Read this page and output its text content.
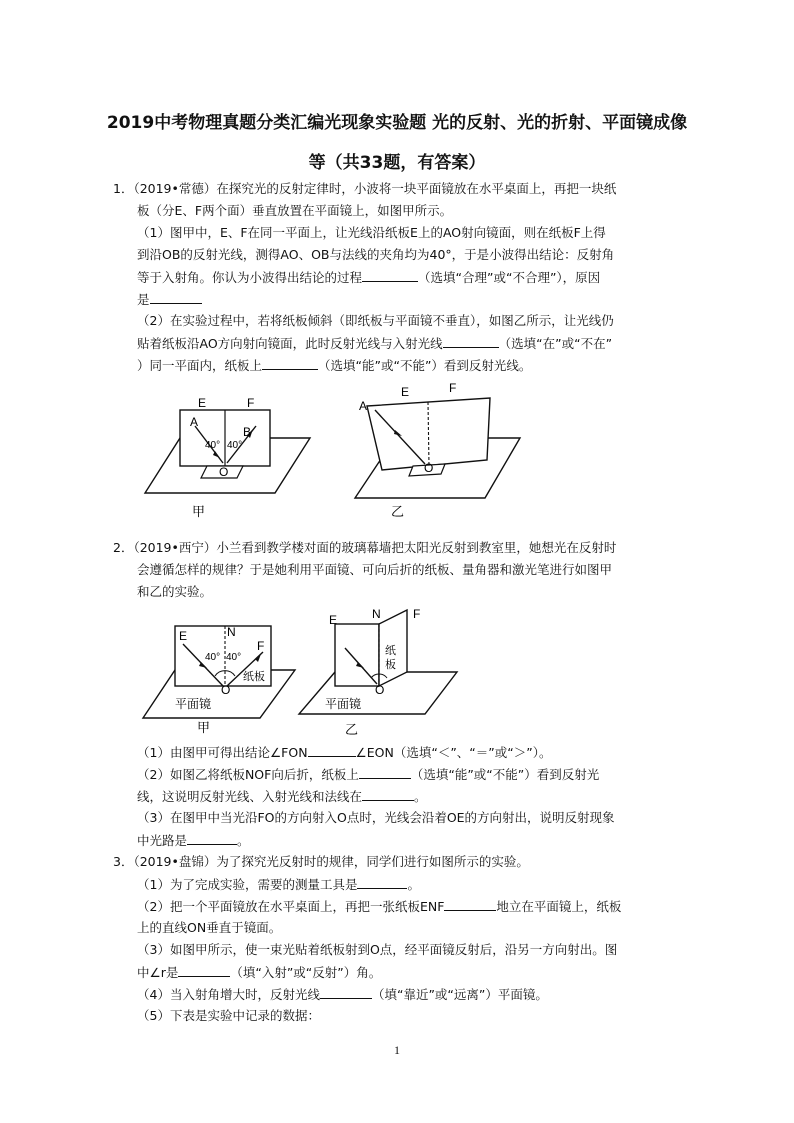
2019中考物理真题分类汇编光现象实验题 光的反射、光的折射、平面镜成像
等（共33题，有答案）
1．（2019•常德）在探究光的反射定律时，小波将一块平面镜放在水平桌面上，再把一块纸
板（分E、F两个面）垂直放置在平面镜上，如图甲所示。
（1）图甲中，E、F在同一平面上，让光线沿纸板E上的AO射向镜面，则在纸板F上得
到沿OB的反射光线，测得AO、OB与法线的夹角均为40°，于是小波得出结论：反射角
等于入射角。你认为小波得出结论的过程	（选填“合理”或“不合理”），原因
是
（2）在实验过程中，若将纸板倾斜（即纸板与平面镜不垂直），如图乙所示，让光线仍
贴着纸板沿AO方向射向镜面，此时反射光线与入射光线	（选填“在”或“不在”
）同一平面内，纸板上	（选填“能”或“不能”）看到反射光线。
E	F
A
B
40° 40°
O
甲
A
E	F
O
乙
2．（2019•西宁）小兰看到教学楼对面的玻璃幕墙把太阳光反射到教室里，她想光在反射时
会遵循怎样的规律？于是她利用平面镜、可向后折的纸板、量角器和激光笔进行如图甲
和乙的实验。
E	N
F
40° 40°
纸板
O
平面镜
甲
E	N	F
纸
板
O
平面镜
乙
（1）由图甲可得出结论∠FON	∠EON（选填“＜”、“＝”或“＞”）。
（2）如图乙将纸板NOF向后折，纸板上	（选填“能”或“不能”）看到反射光
线，这说明反射光线、入射光线和法线在	。
（3）在图甲中当光沿FO的方向射入O点时，光线会沿着OE的方向射出，说明反射现象
中光路是	。
3．（2019•盘锦）为了探究光反射时的规律，同学们进行如图所示的实验。
（1）为了完成实验，需要的测量工具是	。
（2）把一个平面镜放在水平桌面上，再把一张纸板ENF	地立在平面镜上，纸板
上的直线ON垂直于镜面。
（3）如图甲所示，使一束光贴着纸板射到O点，经平面镜反射后，沿另一方向射出。图
中∠r是	（填“入射”或“反射”）角。
（4）当入射角增大时，反射光线	（填“靠近”或“远离”）平面镜。
（5）下表是实验中记录的数据：
1
